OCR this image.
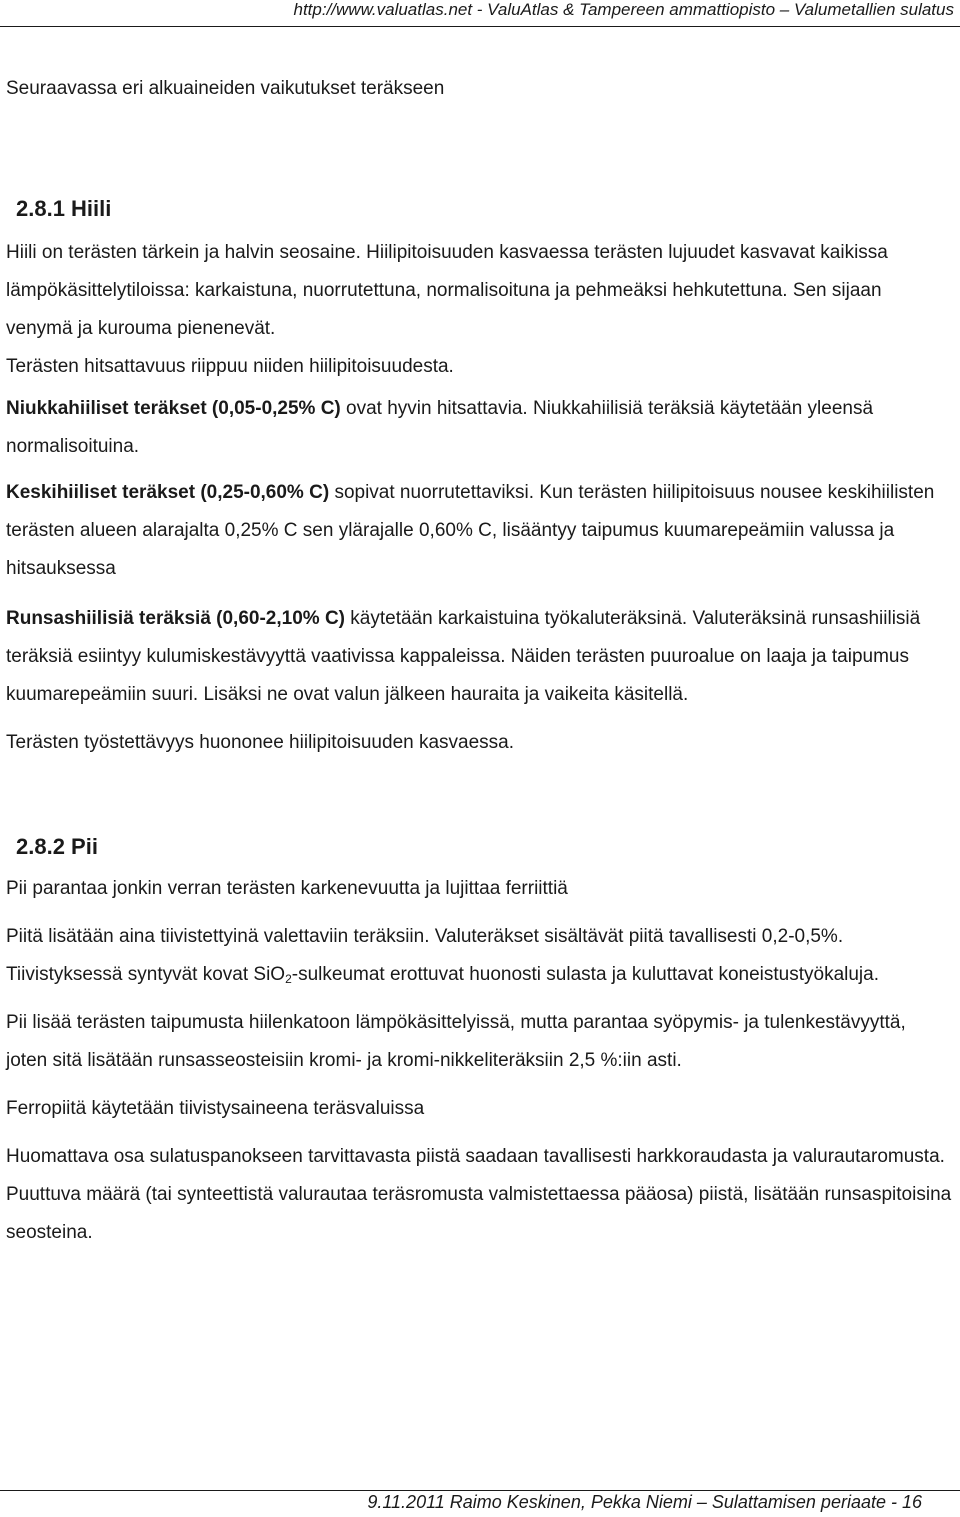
http://www.valuatlas.net - ValuAtlas & Tampereen ammattiopisto – Valumetallien sulatus

Seuraavassa eri alkuaineiden vaikutukset teräkseen

2.8.1 Hiili

Hiili on terästen tärkein ja halvin seosaine. Hiilipitoisuuden kasvaessa terästen lujuudet kasvavat kaikissa lämpökäsittelytiloissa: karkaistuna, nuorrutettuna, normalisoituna ja pehmeäksi hehkutettuna. Sen sijaan venymä ja kurouma pienenevät.

Terästen hitsattavuus riippuu niiden hiilipitoisuudesta.

Niukkahiiliset teräkset (0,05-0,25% C) ovat hyvin hitsattavia. Niukkahiilisiä teräksiä käytetään yleensä normalisoituina.

Keskihiiliset teräkset (0,25-0,60% C) sopivat nuorrutettaviksi. Kun terästen hiilipitoisuus nousee keskihiilisten terästen alueen alarajalta 0,25% C sen ylärajalle 0,60% C, lisääntyy taipumus kuumarepeämiin valussa ja hitsauksessa

Runsashiilisiä teräksiä (0,60-2,10% C) käytetään karkaistuina työkaluteräksinä. Valuteräksinä runsashiilisiä teräksiä esiintyy kulumiskestävyyttä vaativissa kappaleissa. Näiden terästen puuroalue on laaja ja taipumus kuumarepeämiin suuri. Lisäksi ne ovat valun jälkeen hauraita ja vaikeita käsitellä.

Terästen työstettävyys huononee hiilipitoisuuden kasvaessa.

2.8.2 Pii

Pii parantaa jonkin verran terästen karkenevuutta ja lujittaa ferriittiä

Piitä lisätään aina tiivistettyinä valettaviin teräksiin. Valuteräkset sisältävät piitä tavallisesti 0,2-0,5%. Tiivistyksessä syntyvät kovat SiO$_2$-sulkeumat erottuvat huonosti sulasta ja kuluttavat koneistustyökaluja.

Pii lisää terästen taipumusta hiilenkatoon lämpökäsittelyissä, mutta parantaa syöpymis- ja tulenkestävyyttä, joten sitä lisätään runsasseosteisiin kromi- ja kromi-nikkeliteräksiin 2,5 %:iin asti.

Ferropiitä käytetään tiivistysaineena teräsvaluissa

Huomattava osa sulatuspanokseen tarvittavasta piistä saadaan tavallisesti harkkoraudasta ja valurautaromusta. Puuttuva määrä (tai synteettistä valurautaa teräsromusta valmistettaessa pääosa) piistä, lisätään runsaspitoisina seosteina.

9.11.2011 Raimo Keskinen, Pekka Niemi – Sulattamisen periaate - 16
